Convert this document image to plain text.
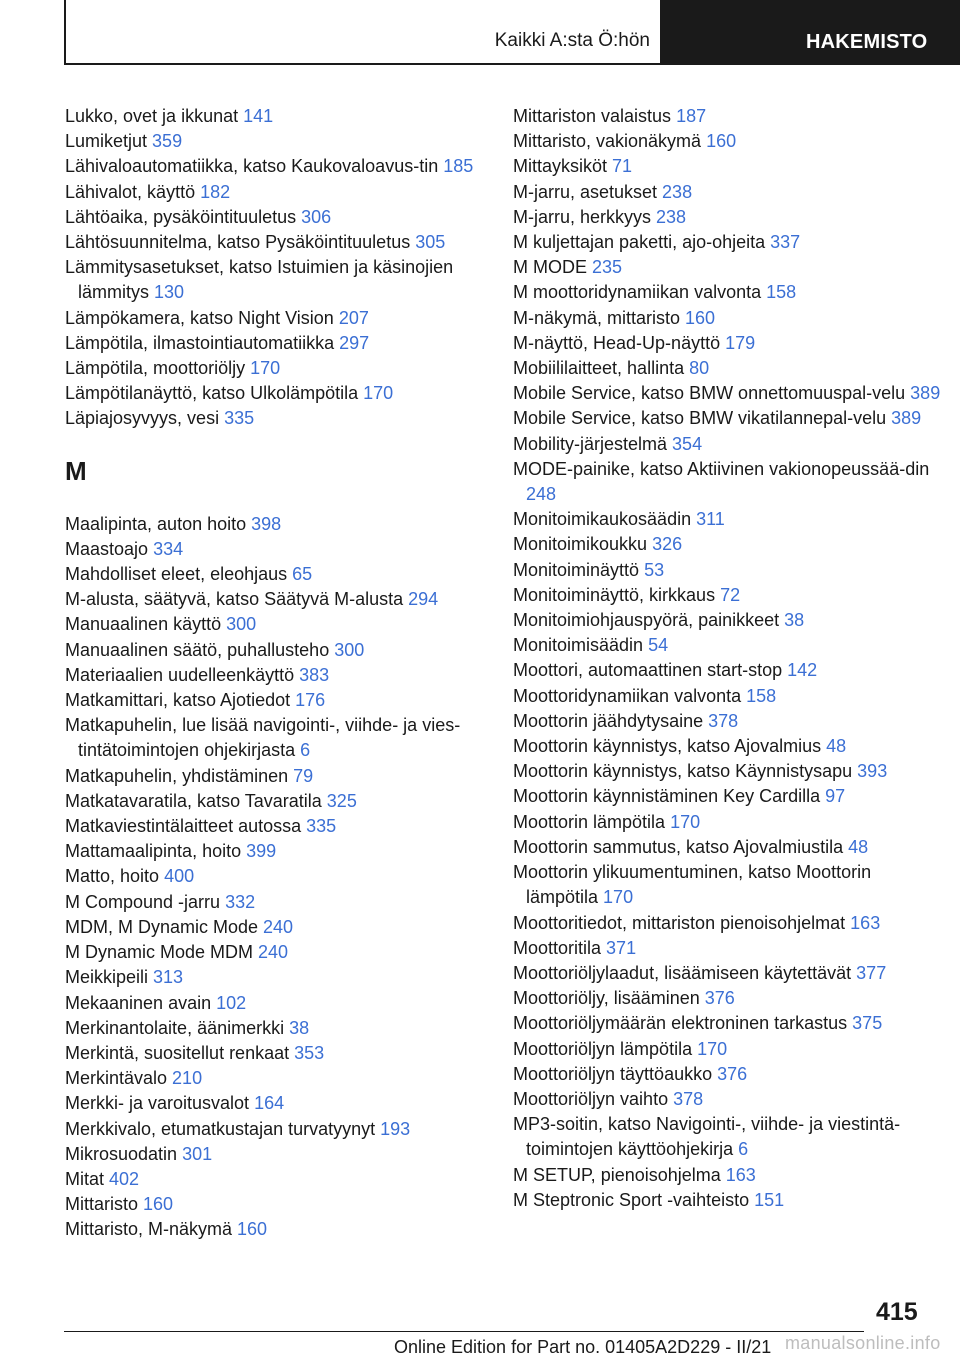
Kaikki A:sta Ö:hön	HAKEMISTO
Lukko, ovet ja ikkunat 141
Lumiketjut 359
Lähivaloautomatiikka, katso Kaukovaloavus-tin 185
Lähivalot, käyttö 182
Lähtöaika, pysäköintituuletus 306
Lähtösuunnitelma, katso Pysäköintituuletus 305
Lämmitysasetukset, katso Istuimien ja käsinojien lämmitys 130
Lämpökamera, katso Night Vision 207
Lämpötila, ilmastointiautomatiikka 297
Lämpötila, moottoriöljy 170
Lämpötilanäyttö, katso Ulkolämpötila 170
Läpiajosyvyys, vesi 335
M
Maalipinta, auton hoito 398
Maastoajo 334
Mahdolliset eleet, eleohjaus 65
M-alusta, säätyvä, katso Säätyvä M-alusta 294
Manuaalinen käyttö 300
Manuaalinen säätö, puhallusteho 300
Materiaalien uudelleenkäyttö 383
Matkamittari, katso Ajotiedot 176
Matkapuhelin, lue lisää navigointi-, viihde- ja vies-tintätoimintojen ohjekirjasta 6
Matkapuhelin, yhdistäminen 79
Matkatavaratila, katso Tavaratila 325
Matkaviestintälaitteet autossa 335
Mattamaalipinta, hoito 399
Matto, hoito 400
M Compound -jarru 332
MDM, M Dynamic Mode 240
M Dynamic Mode MDM 240
Meikkipeili 313
Mekaaninen avain 102
Merkinantolaite, äänimerkki 38
Merkintä, suositellut renkaat 353
Merkintävalo 210
Merkki- ja varoitusvalot 164
Merkkivalo, etumatkustajan turvatyynyt 193
Mikrosuodatin 301
Mitat 402
Mittaristo 160
Mittaristo, M-näkymä 160
Mittariston valaistus 187
Mittaristo, vakionäkymä 160
Mittayksiköt 71
M-jarru, asetukset 238
M-jarru, herkkyys 238
M kuljettajan paketti, ajo-ohjeita 337
M MODE 235
M moottoridynamiikan valvonta 158
M-näkymä, mittaristo 160
M-näyttö, Head-Up-näyttö 179
Mobiililaitteet, hallinta 80
Mobile Service, katso BMW onnettomuuspal-velu 389
Mobile Service, katso BMW vikatilannepal-velu 389
Mobility-järjestelmä 354
MODE-painike, katso Aktiivinen vakionopeussää-din 248
Monitoimikaukosäädin 311
Monitoimikoukku 326
Monitoiminäyttö 53
Monitoiminäyttö, kirkkaus 72
Monitoimiohjauspyörä, painikkeet 38
Monitoimisäädin 54
Moottori, automaattinen start-stop 142
Moottoridynamiikan valvonta 158
Moottorin jäähdytysaine 378
Moottorin käynnistys, katso Ajovalmius 48
Moottorin käynnistys, katso Käynnistysapu 393
Moottorin käynnistäminen Key Cardilla 97
Moottorin lämpötila 170
Moottorin sammutus, katso Ajovalmiustila 48
Moottorin ylikuumentuminen, katso Moottorin lämpötila 170
Moottoritiedot, mittariston pienoisohjelmat 163
Moottoritila 371
Moottoriöljylaadut, lisäämiseen käytettävät 377
Moottoriöljy, lisääminen 376
Moottoriöljymäärän elektroninen tarkastus 375
Moottoriöljyn lämpötila 170
Moottoriöljyn täyttöaukko 376
Moottoriöljyn vaihto 378
MP3-soitin, katso Navigointi-, viihde- ja viestintä-toimintojen käyttöohjekirja 6
M SETUP, pienoisohjelma 163
M Steptronic Sport -vaihteisto 151
415
Online Edition for Part no. 01405A2D229 - II/21 manualsonline.info
